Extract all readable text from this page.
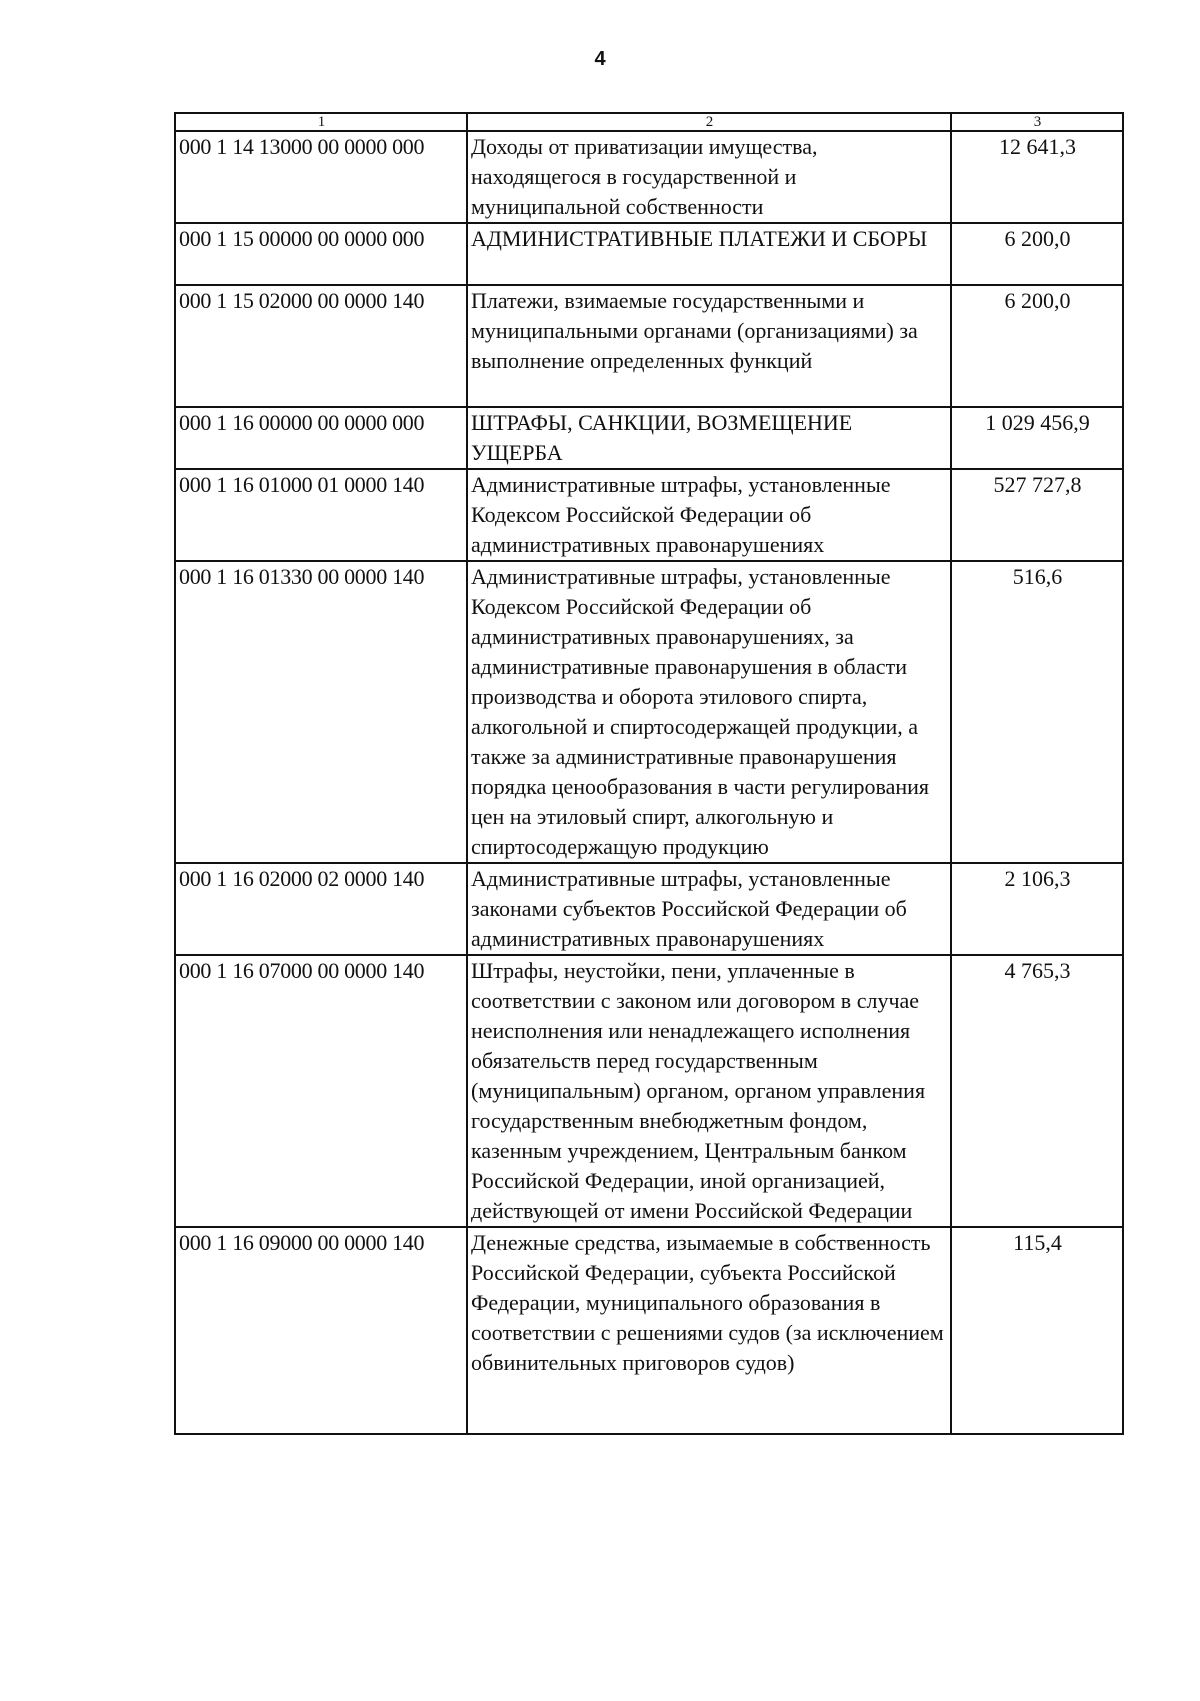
4
1	2	3
000 1 14 13000 00 0000 000	Доходы от приватизации имущества, находящегося в государственной и муниципальной собственности	12 641,3
000 1 15 00000 00 0000 000	АДМИНИСТРАТИВНЫЕ ПЛАТЕЖИ И СБОРЫ	6 200,0
000 1 15 02000 00 0000 140	Платежи, взимаемые государственными и муниципальными органами (организациями) за выполнение определенных функций	6 200,0
000 1 16 00000 00 0000 000	ШТРАФЫ, САНКЦИИ, ВОЗМЕЩЕНИЕ УЩЕРБА	1 029 456,9
000 1 16 01000 01 0000 140	Административные штрафы, установленные Кодексом Российской Федерации об административных правонарушениях	527 727,8
000 1 16 01330 00 0000 140	Административные штрафы, установленные Кодексом Российской Федерации об административных правонарушениях, за административные правонарушения в области производства и оборота этилового спирта, алкогольной и спиртосодержащей продукции, а также за административные правонарушения порядка ценообразования в части регулирования цен на этиловый спирт, алкогольную и спиртосодержащую продукцию	516,6
000 1 16 02000 02 0000 140	Административные штрафы, установленные законами субъектов Российской Федерации об административных правонарушениях	2 106,3
000 1 16 07000 00 0000 140	Штрафы, неустойки, пени, уплаченные в соответствии с законом или договором в случае неисполнения или ненадлежащего исполнения обязательств перед государственным (муниципальным) органом, органом управления государственным внебюджетным фондом, казенным учреждением, Центральным банком Российской Федерации, иной организацией, действующей от имени Российской Федерации	4 765,3
000 1 16 09000 00 0000 140	Денежные средства, изымаемые в собственность Российской Федерации, субъекта Российской Федерации, муниципального образования в соответствии с решениями судов (за исключением обвинительных приговоров судов)	115,4
